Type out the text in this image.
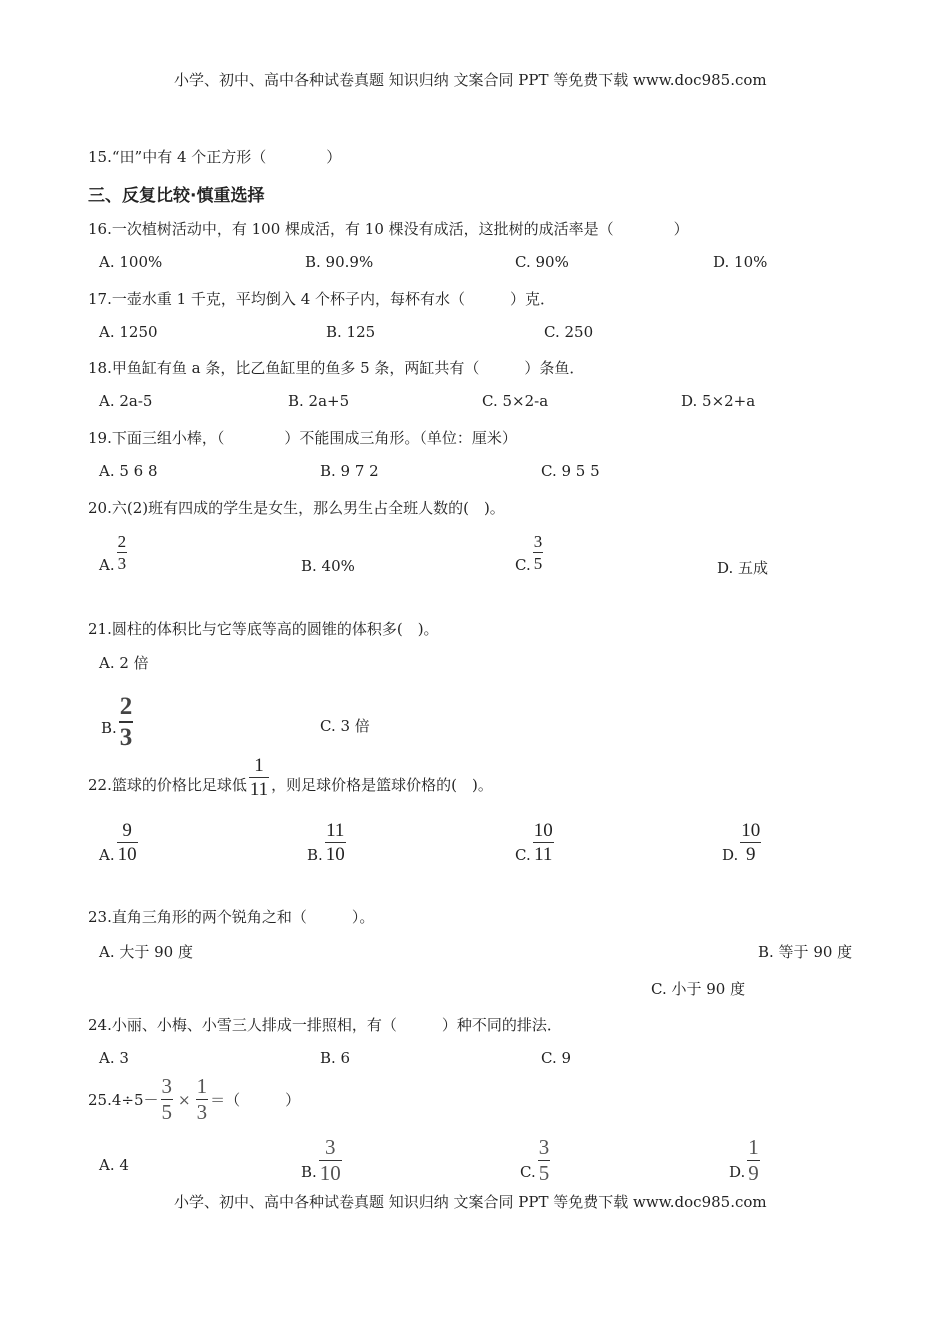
小学、初中、高中各种试卷真题 知识归纳 文案合同 PPT 等免费下载 www.doc985.com
15.“田”中有 4 个正方形（　　　　）
三、反复比较·慎重选择
16.一次植树活动中，有 100 棵成活，有 10 棵没有成活，这批树的成活率是（　　　　）
A. 100%	B. 90.9%	C. 90%	D. 10%
17.一壶水重 1 千克，平均倒入 4 个杯子内，每杯有水（　　　）克．
A. 1250	B. 125	C. 250
18.甲鱼缸有鱼 a 条，比乙鱼缸里的鱼多 5 条，两缸共有（　　　）条鱼．
A. 2a-5	B. 2a+5	C. 5×2-a	D. 5×2+a
19.下面三组小棒，（　　　　）不能围成三角形。（单位：厘米）
A. 5 6 8	B. 9 7 2	C. 9 5 5
20.六(2)班有四成的学生是女生，那么男生占全班人数的(　)。
A. $\frac{2}{3}$	B. 40%	C. $\frac{3}{5}$	D. 五成
21.圆柱的体积比与它等底等高的圆锥的体积多(　)。
A. 2 倍
B. $\frac{2}{3}$	C. 3 倍
22.篮球的价格比足球低 $\frac{1}{11}$ ，则足球价格是篮球价格的(　)。
A. $\frac{9}{10}$	B. $\frac{11}{10}$	C. $\frac{10}{11}$	D. $\frac{10}{9}$
23.直角三角形的两个锐角之和（　　　）。
A. 大于 90 度	B. 等于 90 度
C. 小于 90 度
24.小丽、小梅、小雪三人排成一排照相，有（　　　）种不同的排法．
A. 3	B. 6	C. 9
$25.4\div 5- \frac{3}{5} \times \frac{1}{3}$ ＝（　　　）
A. 4	B. $\frac{3}{10}$	C. $\frac{3}{5}$	D. $\frac{1}{9}$
小学、初中、高中各种试卷真题 知识归纳 文案合同 PPT 等免费下载 www.doc985.com
